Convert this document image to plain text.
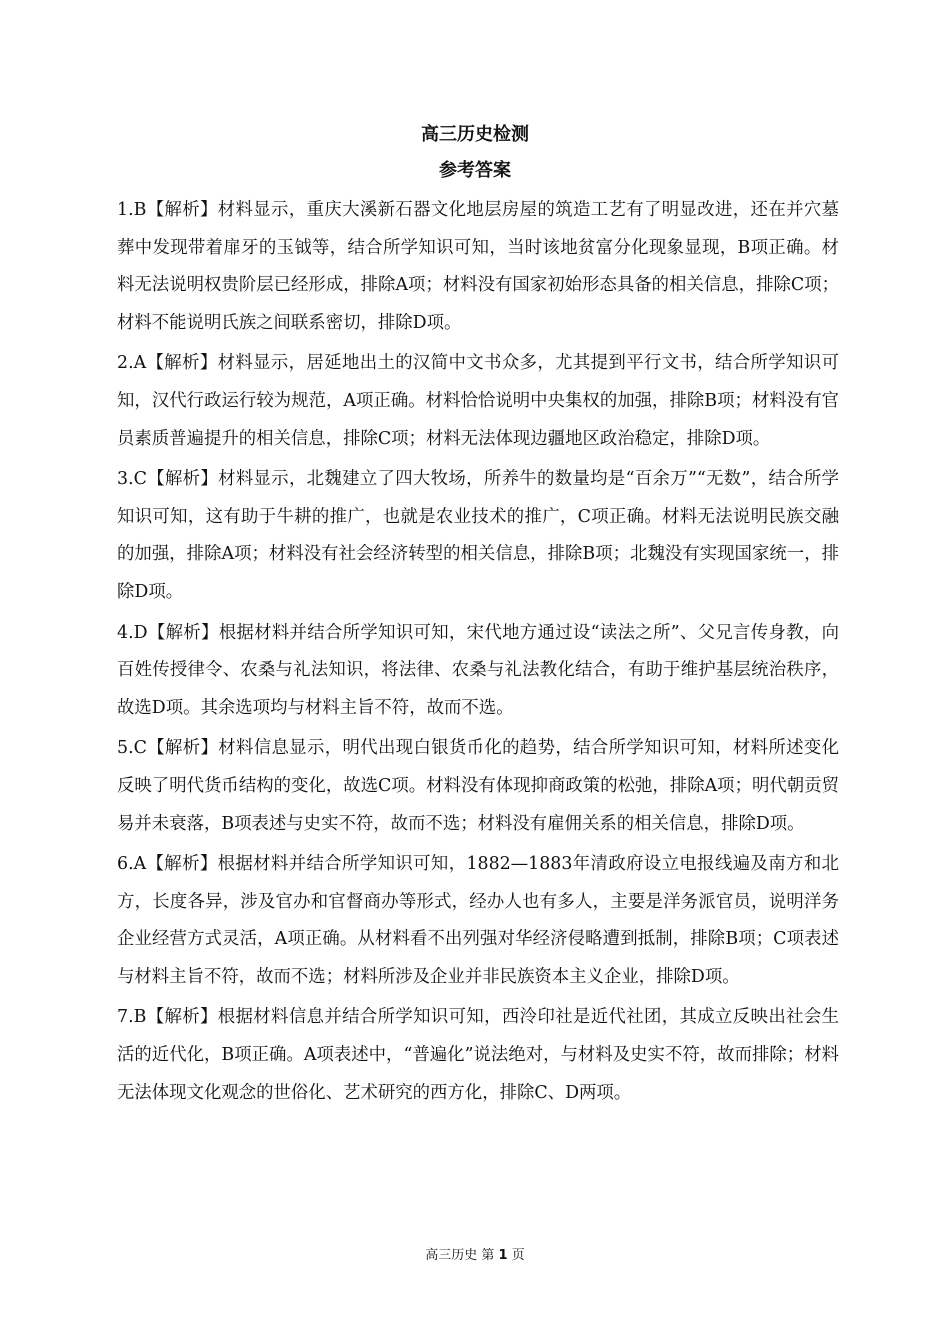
高三历史检测
参考答案

1.B【解析】材料显示，重庆大溪新石器文化地层房屋的筑造工艺有了明显改进，还在并穴墓葬中发现带着扉牙的玉钺等，结合所学知识可知，当时该地贫富分化现象显现，B项正确。材料无法说明权贵阶层已经形成，排除A项；材料没有国家初始形态具备的相关信息，排除C项；材料不能说明氏族之间联系密切，排除D项。

2.A【解析】材料显示，居延地出土的汉简中文书众多，尤其提到平行文书，结合所学知识可知，汉代行政运行较为规范，A项正确。材料恰恰说明中央集权的加强，排除B项；材料没有官员素质普遍提升的相关信息，排除C项；材料无法体现边疆地区政治稳定，排除D项。

3.C【解析】材料显示，北魏建立了四大牧场，所养牛的数量均是“百余万”“无数”，结合所学知识可知，这有助于牛耕的推广，也就是农业技术的推广，C项正确。材料无法说明民族交融的加强，排除A项；材料没有社会经济转型的相关信息，排除B项；北魏没有实现国家统一，排除D项。

4.D【解析】根据材料并结合所学知识可知，宋代地方通过设“读法之所”、父兄言传身教，向百姓传授律令、农桑与礼法知识，将法律、农桑与礼法教化结合，有助于维护基层统治秩序，故选D项。其余选项均与材料主旨不符，故而不选。

5.C【解析】材料信息显示，明代出现白银货币化的趋势，结合所学知识可知，材料所述变化反映了明代货币结构的变化，故选C项。材料没有体现抑商政策的松弛，排除A项；明代朝贡贸易并未衰落，B项表述与史实不符，故而不选；材料没有雇佣关系的相关信息，排除D项。

6.A【解析】根据材料并结合所学知识可知，1882—1883年清政府设立电报线遍及南方和北方，长度各异，涉及官办和官督商办等形式，经办人也有多人，主要是洋务派官员，说明洋务企业经营方式灵活，A项正确。从材料看不出列强对华经济侵略遭到抵制，排除B项；C项表述与材料主旨不符，故而不选；材料所涉及企业并非民族资本主义企业，排除D项。

7.B【解析】根据材料信息并结合所学知识可知，西泠印社是近代社团，其成立反映出社会生活的近代化，B项正确。A项表述中，“普遍化”说法绝对，与材料及史实不符，故而排除；材料无法体现文化观念的世俗化、艺术研究的西方化，排除C、D两项。

高三历史 第 1 页
